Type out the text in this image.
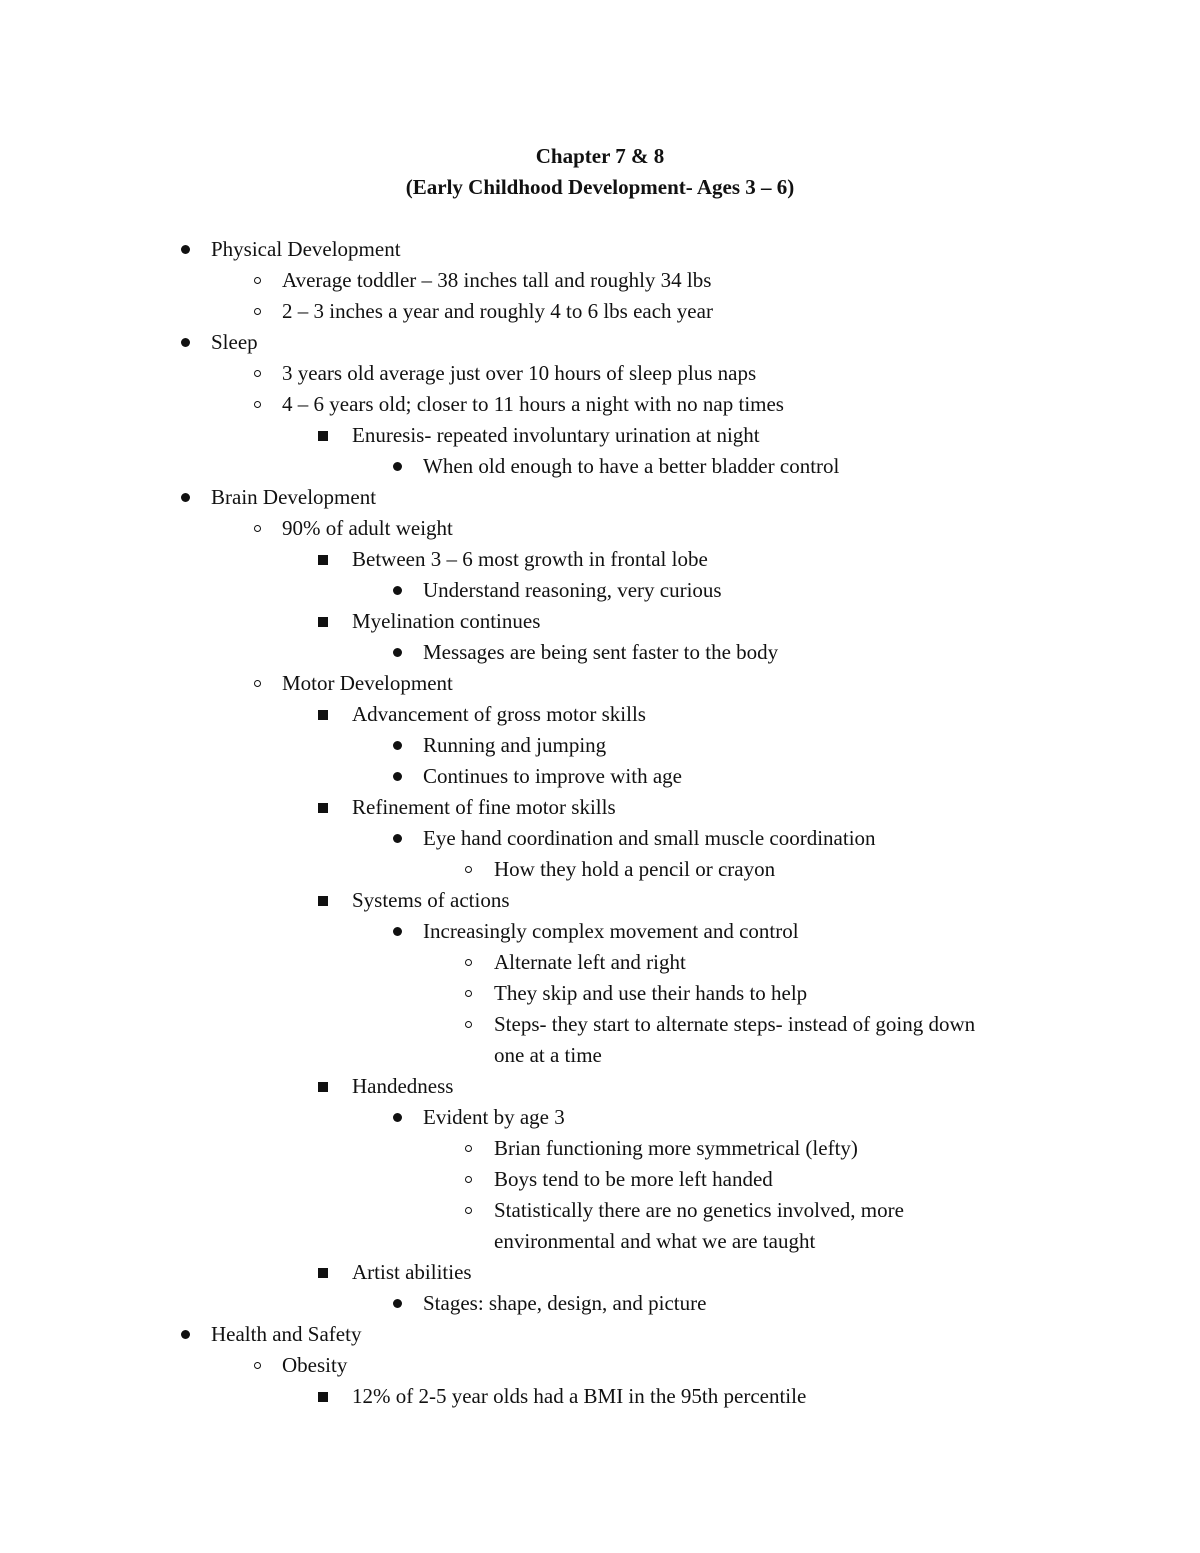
Chapter 7 & 8
(Early Childhood Development- Ages 3 – 6)
Physical Development
Average toddler – 38 inches tall and roughly 34 lbs
2 – 3 inches a year and roughly 4 to 6 lbs each year
Sleep
3 years old average just over 10 hours of sleep plus naps
4 – 6 years old; closer to 11 hours a night with no nap times
Enuresis- repeated involuntary urination at night
When old enough to have a better bladder control
Brain Development
90% of adult weight
Between 3 – 6 most growth in frontal lobe
Understand reasoning, very curious
Myelination continues
Messages are being sent faster to the body
Motor Development
Advancement of gross motor skills
Running and jumping
Continues to improve with age
Refinement of fine motor skills
Eye hand coordination and small muscle coordination
How they hold a pencil or crayon
Systems of actions
Increasingly complex movement and control
Alternate left and right
They skip and use their hands to help
Steps- they start to alternate steps- instead of going down
one at a time
Handedness
Evident by age 3
Brian functioning more symmetrical (lefty)
Boys tend to be more left handed
Statistically there are no genetics involved, more
environmental and what we are taught
Artist abilities
Stages: shape, design, and picture
Health and Safety
Obesity
12% of 2-5 year olds had a BMI in the 95th percentile
